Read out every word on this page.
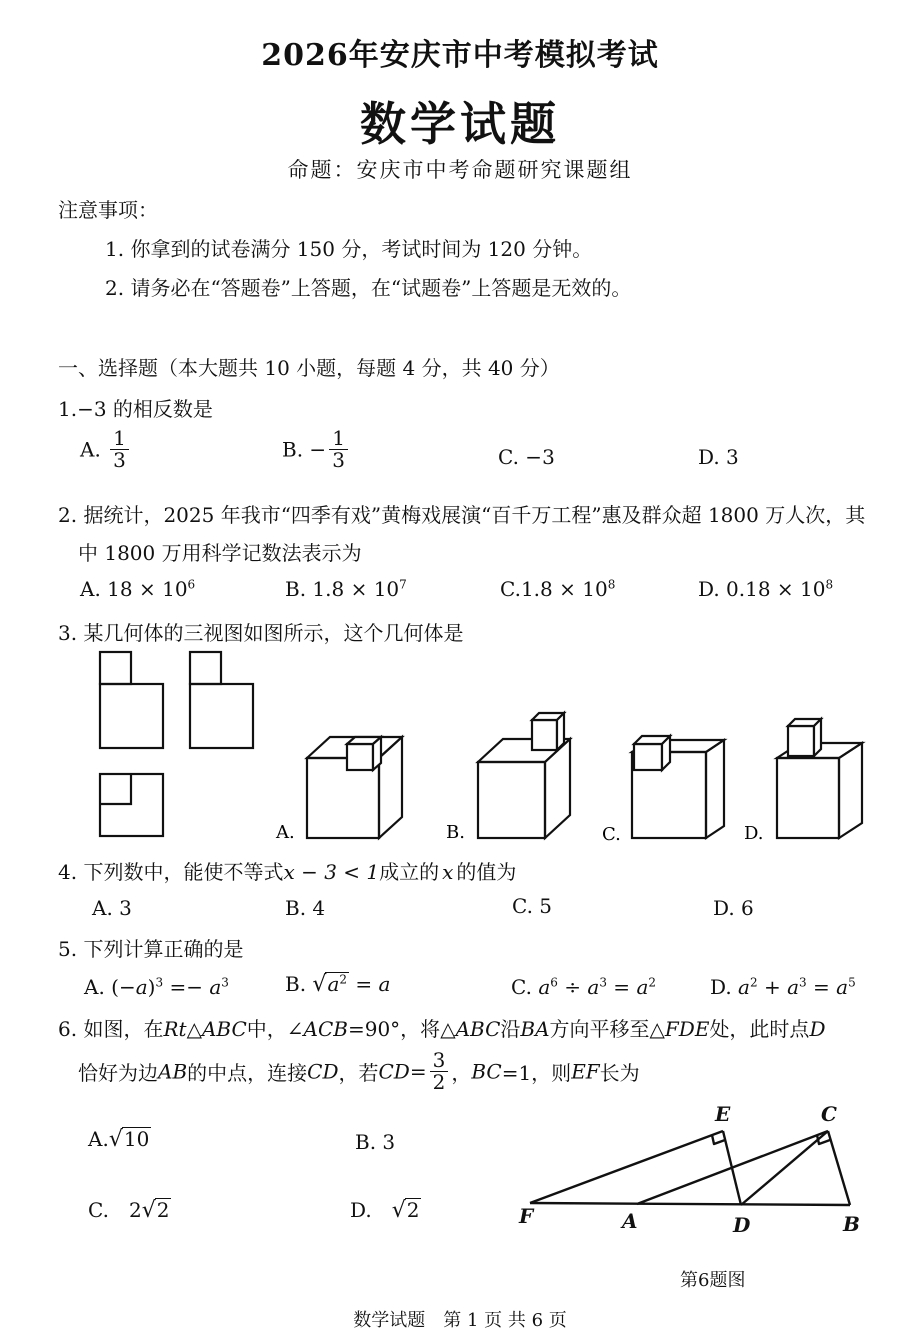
2026年安庆市中考模拟考试
数学试题
命题：安庆市中考命题研究课题组
注意事项：
1. 你拿到的试卷满分 150 分，考试时间为 120 分钟。
2. 请务必在“答题卷”上答题，在“试题卷”上答题是无效的。
一、选择题（本大题共 10 小题，每题 4 分，共 40 分）
1.−3 的相反数是
A. $\frac{1}{3}$	B. − $\frac{1}{3}$	C. −3	D. 3
2. 据统计，2025 年我市“四季有戏”黄梅戏展演“百千万工程”惠及群众超 1800 万人次，其
中 1800 万用科学记数法表示为
A. $18 \times 10^6$	B. $1.8 \times 10^7$	$C.1.8 \times 10^8$	D. $0.18 \times 10^8$
3. 某几何体的三视图如图所示，这个几何体是
A.	B.	C.	D.
4. 下列数中，能使不等式x − 3 < 1成立的 x 的值为
A. 3	B. 4	C. 5	D. 6
5. 下列计算正确的是
A. $(-a)^3 =- a^3$	B. $√a^2 = a$	C. $a^6 \div a^3 = a^2$	D. $a^2 + a^3 = a^5$
6. 如图，在Rt△ABC中，∠ACB=90°，将△ABC沿BA方向平移至△FDE处，此时点D
恰好为边AB的中点，连接CD，若$CD= \frac{3}{2}$ ，BC=1，则EF长为
A.√10	B. 3
C.　 2√2	D.　 √2
E	C
F	A	D	B
第6题图
数学试题　第 1 页 共 6 页
